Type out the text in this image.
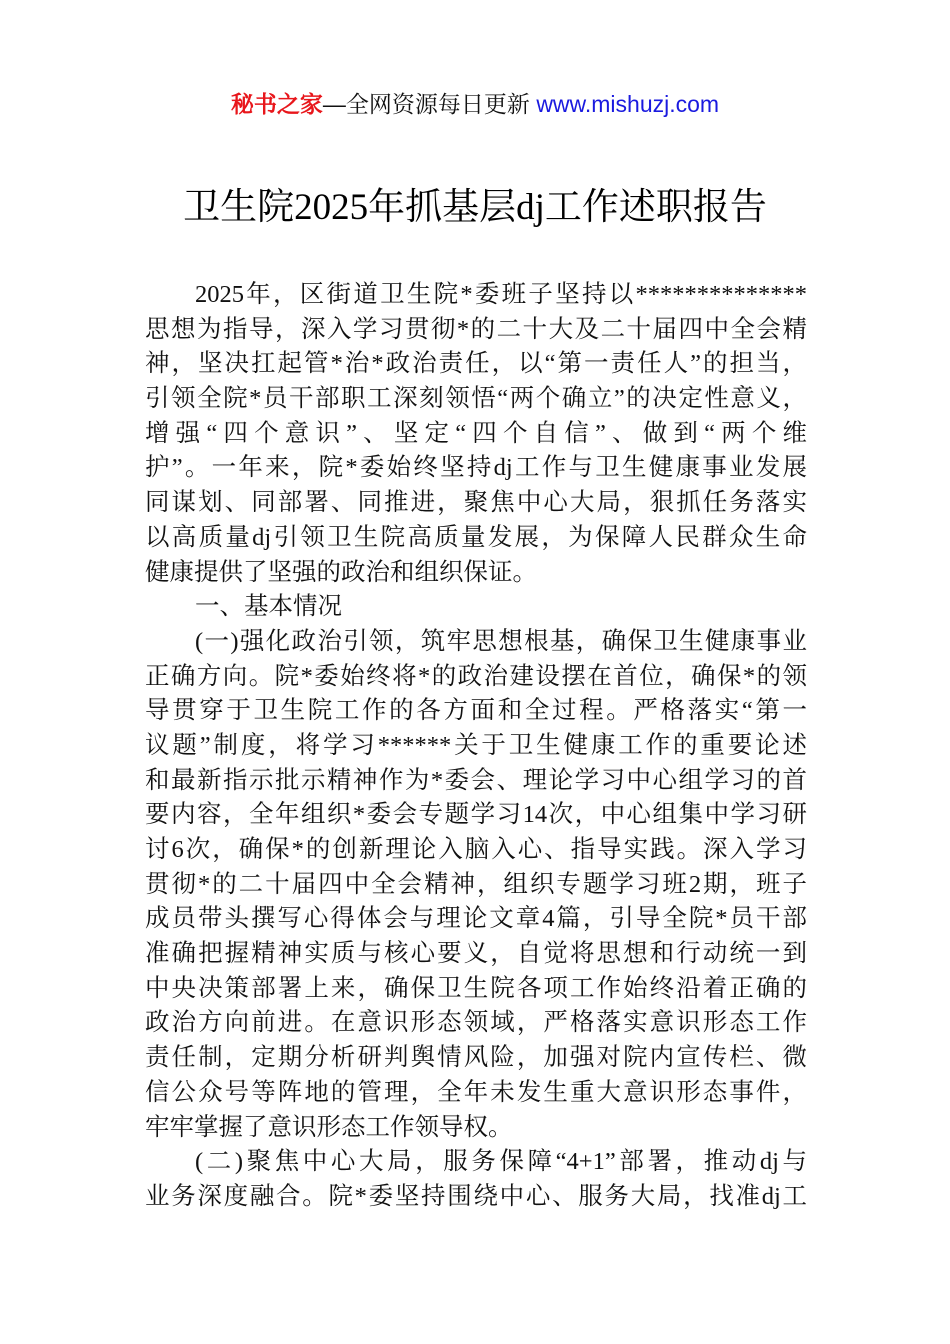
秘书之家—全网资源每日更新 www.mishuzj.com
卫生院2025年抓基层dj工作述职报告
2025年，区街道卫生院*委班子坚持以**************
思想为指导，深入学习贯彻*的二十大及二十届四中全会精
神，坚决扛起管*治*政治责任，以“第一责任人”的担当，
引领全院*员干部职工深刻领悟“两个确立”的决定性意义，
增强“四个意识”、坚定“四个自信”、做到“两个维
护”。一年来，院*委始终坚持dj工作与卫生健康事业发展
同谋划、同部署、同推进，聚焦中心大局，狠抓任务落实
以高质量dj引领卫生院高质量发展，为保障人民群众生命
健康提供了坚强的政治和组织保证。
一、基本情况
(一)强化政治引领，筑牢思想根基，确保卫生健康事业
正确方向。院*委始终将*的政治建设摆在首位，确保*的领
导贯穿于卫生院工作的各方面和全过程。严格落实“第一
议题”制度，将学习******关于卫生健康工作的重要论述
和最新指示批示精神作为*委会、理论学习中心组学习的首
要内容，全年组织*委会专题学习14次，中心组集中学习研
讨6次，确保*的创新理论入脑入心、指导实践。深入学习
贯彻*的二十届四中全会精神，组织专题学习班2期，班子
成员带头撰写心得体会与理论文章4篇，引导全院*员干部
准确把握精神实质与核心要义，自觉将思想和行动统一到
中央决策部署上来，确保卫生院各项工作始终沿着正确的
政治方向前进。在意识形态领域，严格落实意识形态工作
责任制，定期分析研判舆情风险，加强对院内宣传栏、微
信公众号等阵地的管理，全年未发生重大意识形态事件，
牢牢掌握了意识形态工作领导权。
(二)聚焦中心大局，服务保障“4+1”部署，推动dj与
业务深度融合。院*委坚持围绕中心、服务大局，找准dj工
